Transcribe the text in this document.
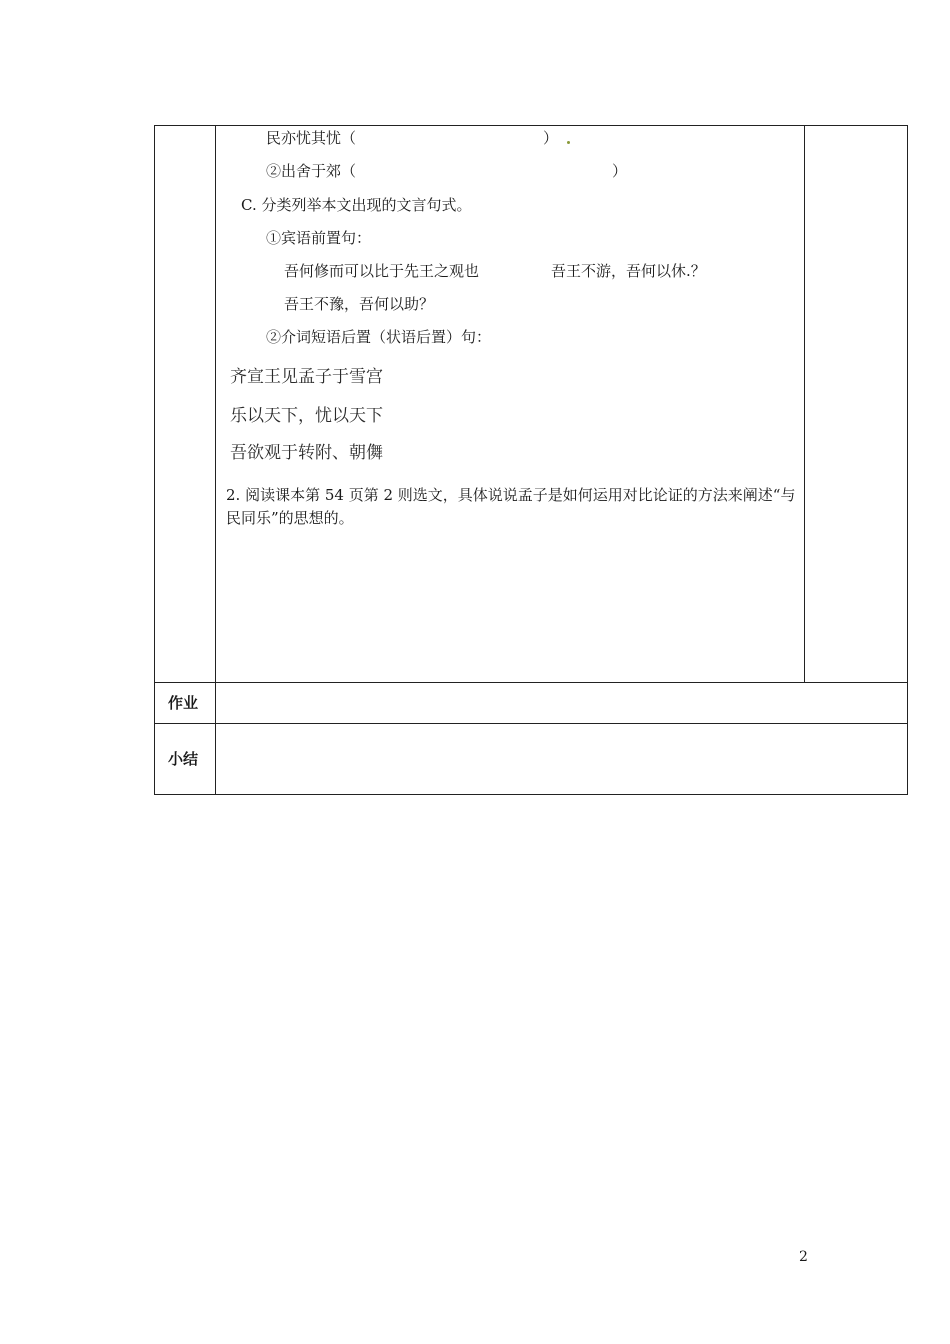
民亦忧其忧（	）
②出舍于郊（	）
C. 分类列举本文出现的文言句式。
①宾语前置句：
吾何修而可以比于先王之观也	吾王不游，吾何以休.？
吾王不豫，吾何以助？
②介词短语后置（状语后置）句：
齐宣王见孟子于雪宫
乐以天下，忧以天下
吾欲观于转附、朝儛
2. 阅读课本第 54 页第 2 则选文，具体说说孟子是如何运用对比论证的方法来阐述“与民同乐”的思想的。
作业
小结
2
